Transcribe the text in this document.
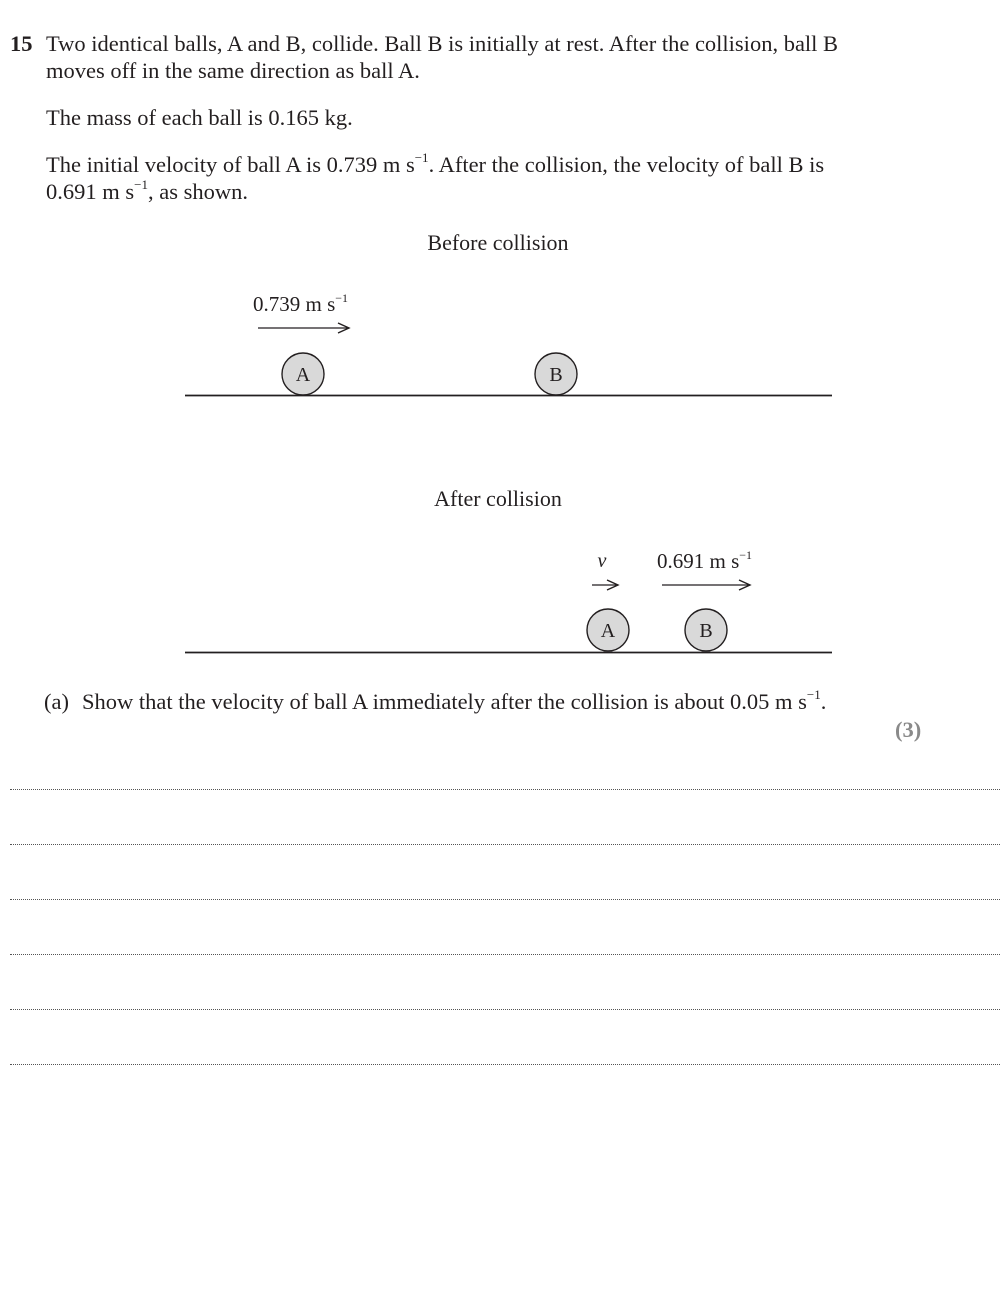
15 Two identical balls, A and B, collide. Ball B is initially at rest. After the collision, ball B
moves off in the same direction as ball A.
The mass of each ball is 0.165 kg.
The initial velocity of ball A is 0.739 m $s^{-1}$. After the collision, the velocity of ball B is
0.691 m $s^{-1}$, as shown.
Before collision
0.739 m $s^{-1}$
A	B
After collision
v 0.691 m $s^{-1}$
A	B
(a) Show that the velocity of ball A immediately after the collision is about 0.05 m $s^{-1}$.
(3)
